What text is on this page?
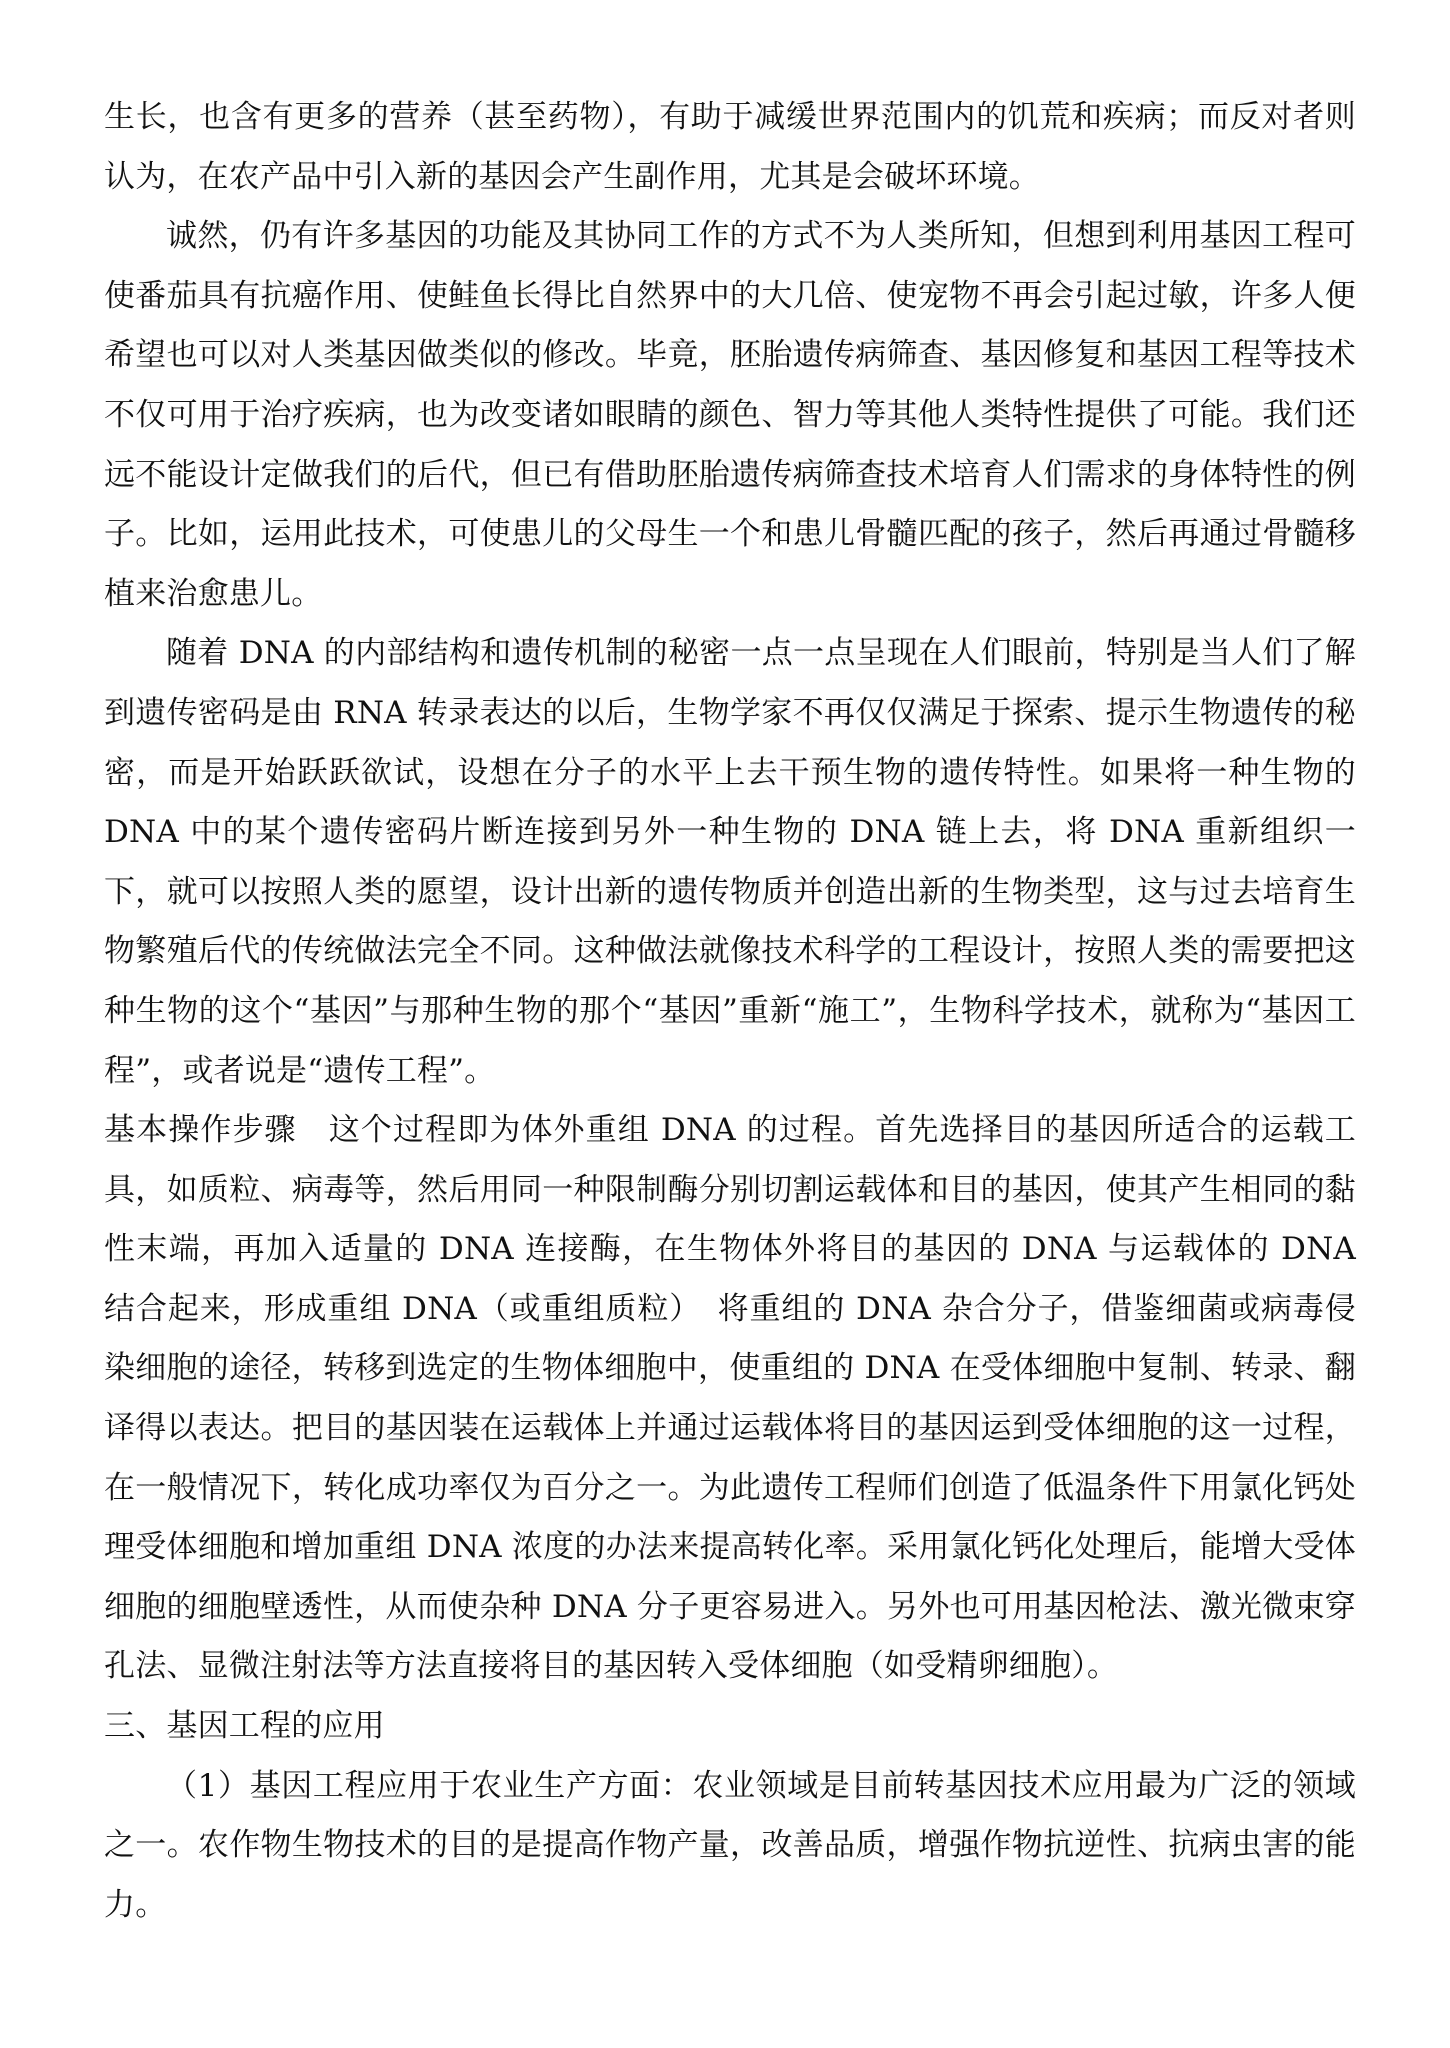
生长，也含有更多的营养（甚至药物），有助于减缓世界范围内的饥荒和疾病；而反对者则认为，在农产品中引入新的基因会产生副作用，尤其是会破坏环境。

诚然，仍有许多基因的功能及其协同工作的方式不为人类所知，但想到利用基因工程可使番茄具有抗癌作用、使鲑鱼长得比自然界中的大几倍、使宠物不再会引起过敏，许多人便希望也可以对人类基因做类似的修改。毕竟，胚胎遗传病筛查、基因修复和基因工程等技术不仅可用于治疗疾病，也为改变诸如眼睛的颜色、智力等其他人类特性提供了可能。我们还远不能设计定做我们的后代，但已有借助胚胎遗传病筛查技术培育人们需求的身体特性的例子。比如，运用此技术，可使患儿的父母生一个和患儿骨髓匹配的孩子，然后再通过骨髓移植来治愈患儿。

随着 DNA 的内部结构和遗传机制的秘密一点一点呈现在人们眼前，特别是当人们了解到遗传密码是由 RNA 转录表达的以后，生物学家不再仅仅满足于探索、提示生物遗传的秘密，而是开始跃跃欲试，设想在分子的水平上去干预生物的遗传特性。如果将一种生物的 DNA 中的某个遗传密码片断连接到另外一种生物的 DNA 链上去，将 DNA 重新组织一下，就可以按照人类的愿望，设计出新的遗传物质并创造出新的生物类型，这与过去培育生物繁殖后代的传统做法完全不同。这种做法就像技术科学的工程设计，按照人类的需要把这种生物的这个“基因”与那种生物的那个“基因”重新“施工”，生物科学技术，就称为“基因工程”，或者说是“遗传工程”。

基本操作步骤　这个过程即为体外重组 DNA 的过程。首先选择目的基因所适合的运载工具，如质粒、病毒等，然后用同一种限制酶分别切割运载体和目的基因，使其产生相同的黏性末端，再加入适量的 DNA 连接酶，在生物体外将目的基因的 DNA 与运载体的 DNA 结合起来，形成重组 DNA（或重组质粒）　将重组的 DNA 杂合分子，借鉴细菌或病毒侵染细胞的途径，转移到选定的生物体细胞中，使重组的 DNA 在受体细胞中复制、转录、翻译得以表达。把目的基因装在运载体上并通过运载体将目的基因运到受体细胞的这一过程，在一般情况下，转化成功率仅为百分之一。为此遗传工程师们创造了低温条件下用氯化钙处理受体细胞和增加重组 DNA 浓度的办法来提高转化率。采用氯化钙化处理后，能增大受体细胞的细胞壁透性，从而使杂种 DNA 分子更容易进入。另外也可用基因枪法、激光微束穿孔法、显微注射法等方法直接将目的基因转入受体细胞（如受精卵细胞）。

三、基因工程的应用

（1）基因工程应用于农业生产方面：农业领域是目前转基因技术应用最为广泛的领域之一。农作物生物技术的目的是提高作物产量，改善品质，增强作物抗逆性、抗病虫害的能力。
